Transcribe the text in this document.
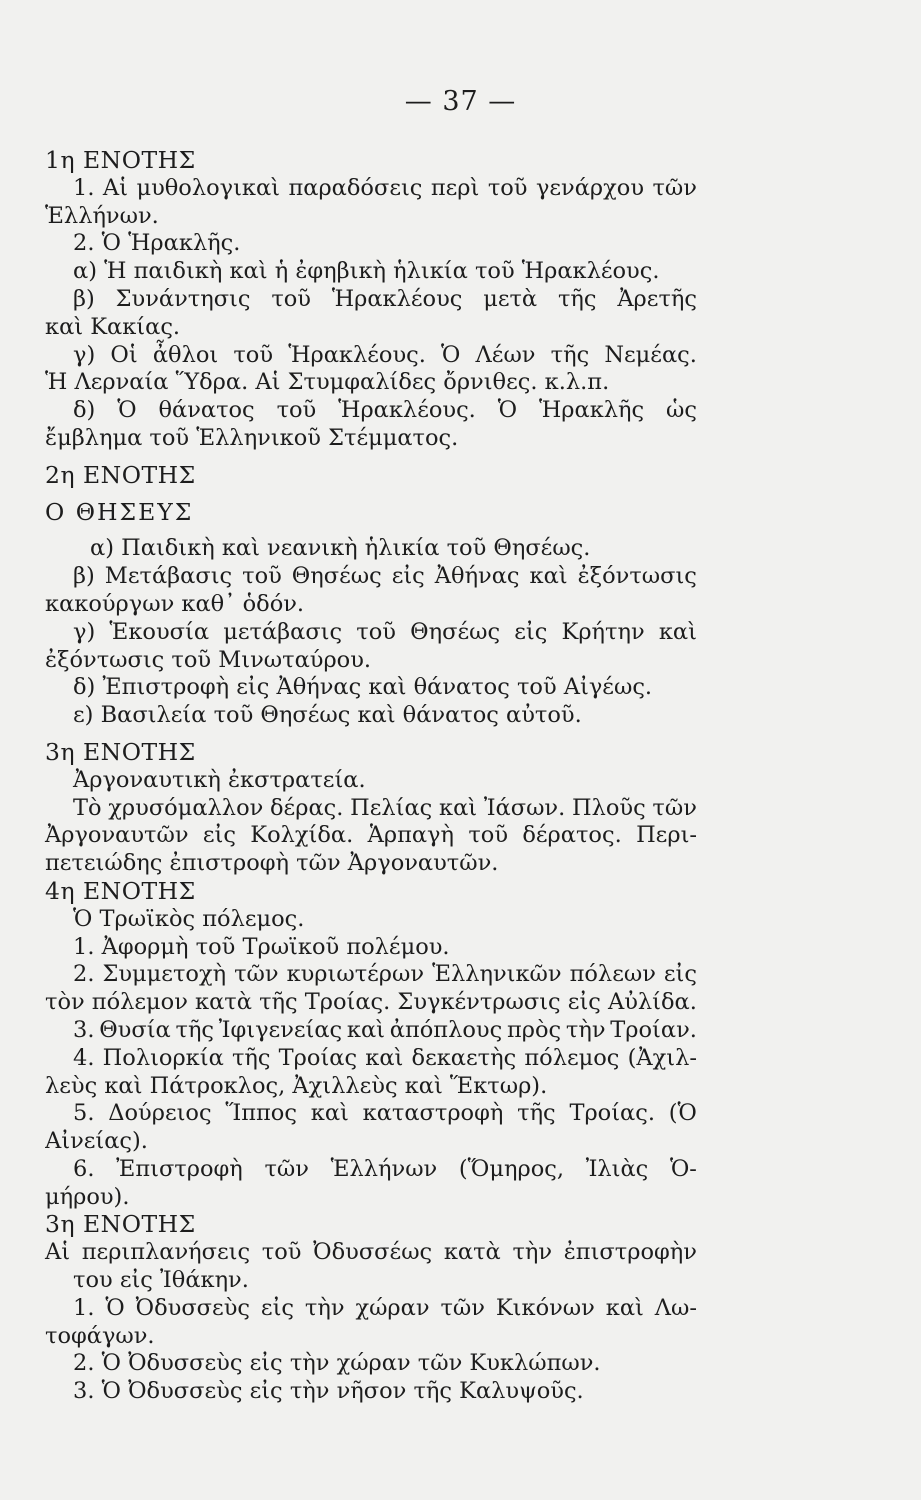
— 37 —
1η ΕΝΟΤΗΣ
1. Αἱ μυθολογικαὶ παραδόσεις περὶ τοῦ γενάρχου τῶν
Ἑλλήνων.
2. Ὁ Ἡρακλῆς.
α) Ἡ παιδικὴ καὶ ἡ ἐφηβικὴ ἡλικία τοῦ Ἡρακλέους.
β) Συνάντησις τοῦ Ἡρακλέους μετὰ τῆς Ἀρετῆς
καὶ Κακίας.
γ) Οἱ ἆθλοι τοῦ Ἡρακλέους. Ὁ Λέων τῆς Νεμέας.
Ἡ Λερναία Ὕδρα. Αἱ Στυμφαλίδες ὄρνιθες. κ.λ.π.
δ) Ὁ θάνατος τοῦ Ἡρακλέους. Ὁ Ἡρακλῆς ὡς
ἔμβλημα τοῦ Ἑλληνικοῦ Στέμματος.
2η ΕΝΟΤΗΣ
Ο ΘΗΣΕΥΣ
α) Παιδικὴ καὶ νεανικὴ ἡλικία τοῦ Θησέως.
β) Μετάβασις τοῦ Θησέως εἰς Ἀθήνας καὶ ἐξόντωσις
κακούργων καθ᾽ ὁδόν.
γ) Ἑκουσία μετάβασις τοῦ Θησέως εἰς Κρήτην καὶ
ἐξόντωσις τοῦ Μινωταύρου.
δ) Ἐπιστροφὴ εἰς Ἀθήνας καὶ θάνατος τοῦ Αἰγέως.
ε) Βασιλεία τοῦ Θησέως καὶ θάνατος αὐτοῦ.
3η ΕΝΟΤΗΣ
Ἀργοναυτικὴ ἐκστρατεία.
Τὸ χρυσόμαλλον δέρας. Πελίας καὶ Ἰάσων. Πλοῦς τῶν
Ἀργοναυτῶν εἰς Κολχίδα. Ἁρπαγὴ τοῦ δέρατος. Περι-
πετειώδης ἐπιστροφὴ τῶν Ἀργοναυτῶν.
4η ΕΝΟΤΗΣ
Ὁ Τρωϊκὸς πόλεμος.
1. Ἀφορμὴ τοῦ Τρωϊκοῦ πολέμου.
2. Συμμετοχὴ τῶν κυριωτέρων Ἑλληνικῶν πόλεων εἰς
τὸν πόλεμον κατὰ τῆς Τροίας. Συγκέντρωσις εἰς Αὐλίδα.
3. Θυσία τῆς Ἰφιγενείας καὶ ἀπόπλους πρὸς τὴν Τροίαν.
4. Πολιορκία τῆς Τροίας καὶ δεκαετὴς πόλεμος (Ἀχιλ-
λεὺς καὶ Πάτροκλος, Ἀχιλλεὺς καὶ Ἕκτωρ).
5. Δούρειος Ἵππος καὶ καταστροφὴ τῆς Τροίας. (Ὁ
Αἰνείας).
6. Ἐπιστροφὴ τῶν Ἑλλήνων (Ὅμηρος, Ἰλιὰς Ὁ-
μήρου).
3η ΕΝΟΤΗΣ
Αἱ περιπλανήσεις τοῦ Ὀδυσσέως κατὰ τὴν ἐπιστροφὴν
του εἰς Ἰθάκην.
1. Ὁ Ὀδυσσεὺς εἰς τὴν χώραν τῶν Κικόνων καὶ Λω-
τοφάγων.
2. Ὁ Ὀδυσσεὺς εἰς τὴν χώραν τῶν Κυκλώπων.
3. Ὁ Ὀδυσσεὺς εἰς τὴν νῆσον τῆς Καλυψοῦς.
